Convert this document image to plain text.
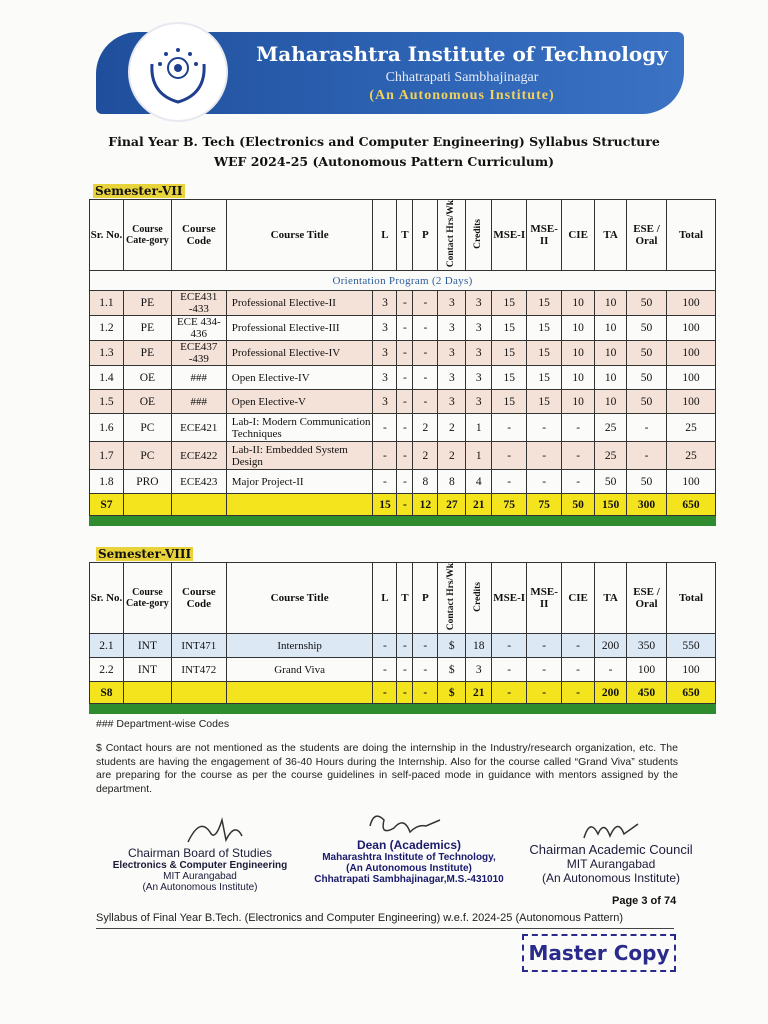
Maharashtra Institute of Technology
Chhatrapati Sambhajinagar
(An Autonomous Institute)
Final Year B. Tech (Electronics and Computer Engineering) Syllabus Structure
WEF 2024-25 (Autonomous Pattern Curriculum)
Semester-VII
Sr. No.	Course Cate-gory	Course Code	Course Title	L	T	P	Contact Hrs/Wk	Credits	MSE-I	MSE-II	CIE	TA	ESE / Oral	Total
Orientation Program (2 Days)														
1.1	PE	ECE431 -433	Professional Elective-II	3	-	-	3	3	15	15	10	10	50	100
1.2	PE	ECE 434-436	Professional Elective-III	3	-	-	3	3	15	15	10	10	50	100
1.3	PE	ECE437 -439	Professional Elective-IV	3	-	-	3	3	15	15	10	10	50	100
1.4	OE	###	Open Elective-IV	3	-	-	3	3	15	15	10	10	50	100
1.5	OE	###	Open Elective-V	3	-	-	3	3	15	15	10	10	50	100
1.6	PC	ECE421	Lab-I: Modern Communication Techniques	-	-	2	2	1	-	-	-	25	-	25
1.7	PC	ECE422	Lab-II: Embedded System Design	-	-	2	2	1	-	-	-	25	-	25
1.8	PRO	ECE423	Major Project-II	-	-	8	8	4	-	-	-	50	50	100
S7				15	-	12	27	21	75	75	50	150	300	650

Semester-VIII
Sr. No.	Course Cate-gory	Course Code	Course Title	L	T	P	Contact Hrs/Wk	Credits	MSE-I	MSE-II	CIE	TA	ESE / Oral	Total
2.1	INT	INT471	Internship	-	-	-	$	18	-	-	-	200	350	550
2.2	INT	INT472	Grand Viva	-	-	-	$	3	-	-	-	-	100	100
S8				-	-	-	$	21	-	-	-	200	450	650

### Department-wise Codes
$ Contact hours are not mentioned as the students are doing the internship in the Industry/research organization, etc. The students are having the engagement of 36-40 Hours during the Internship. Also for the course called “Grand Viva” students are preparing for the course as per the course guidelines in self-paced mode in guidance with mentors assigned by the department.
Chairman Board of Studies
Electronics & Computer Engineering
MIT Aurangabad
(An Autonomous Institute)
Dean (Academics)
Maharashtra Institute of Technology,
(An Autonomous Institute)
Chhatrapati Sambhajinagar,M.S.-431010
Chairman Academic Council
MIT Aurangabad
(An Autonomous Institute)
Page 3 of 74
Syllabus of Final Year B.Tech. (Electronics and Computer Engineering) w.e.f. 2024-25 (Autonomous Pattern)
Master Copy
